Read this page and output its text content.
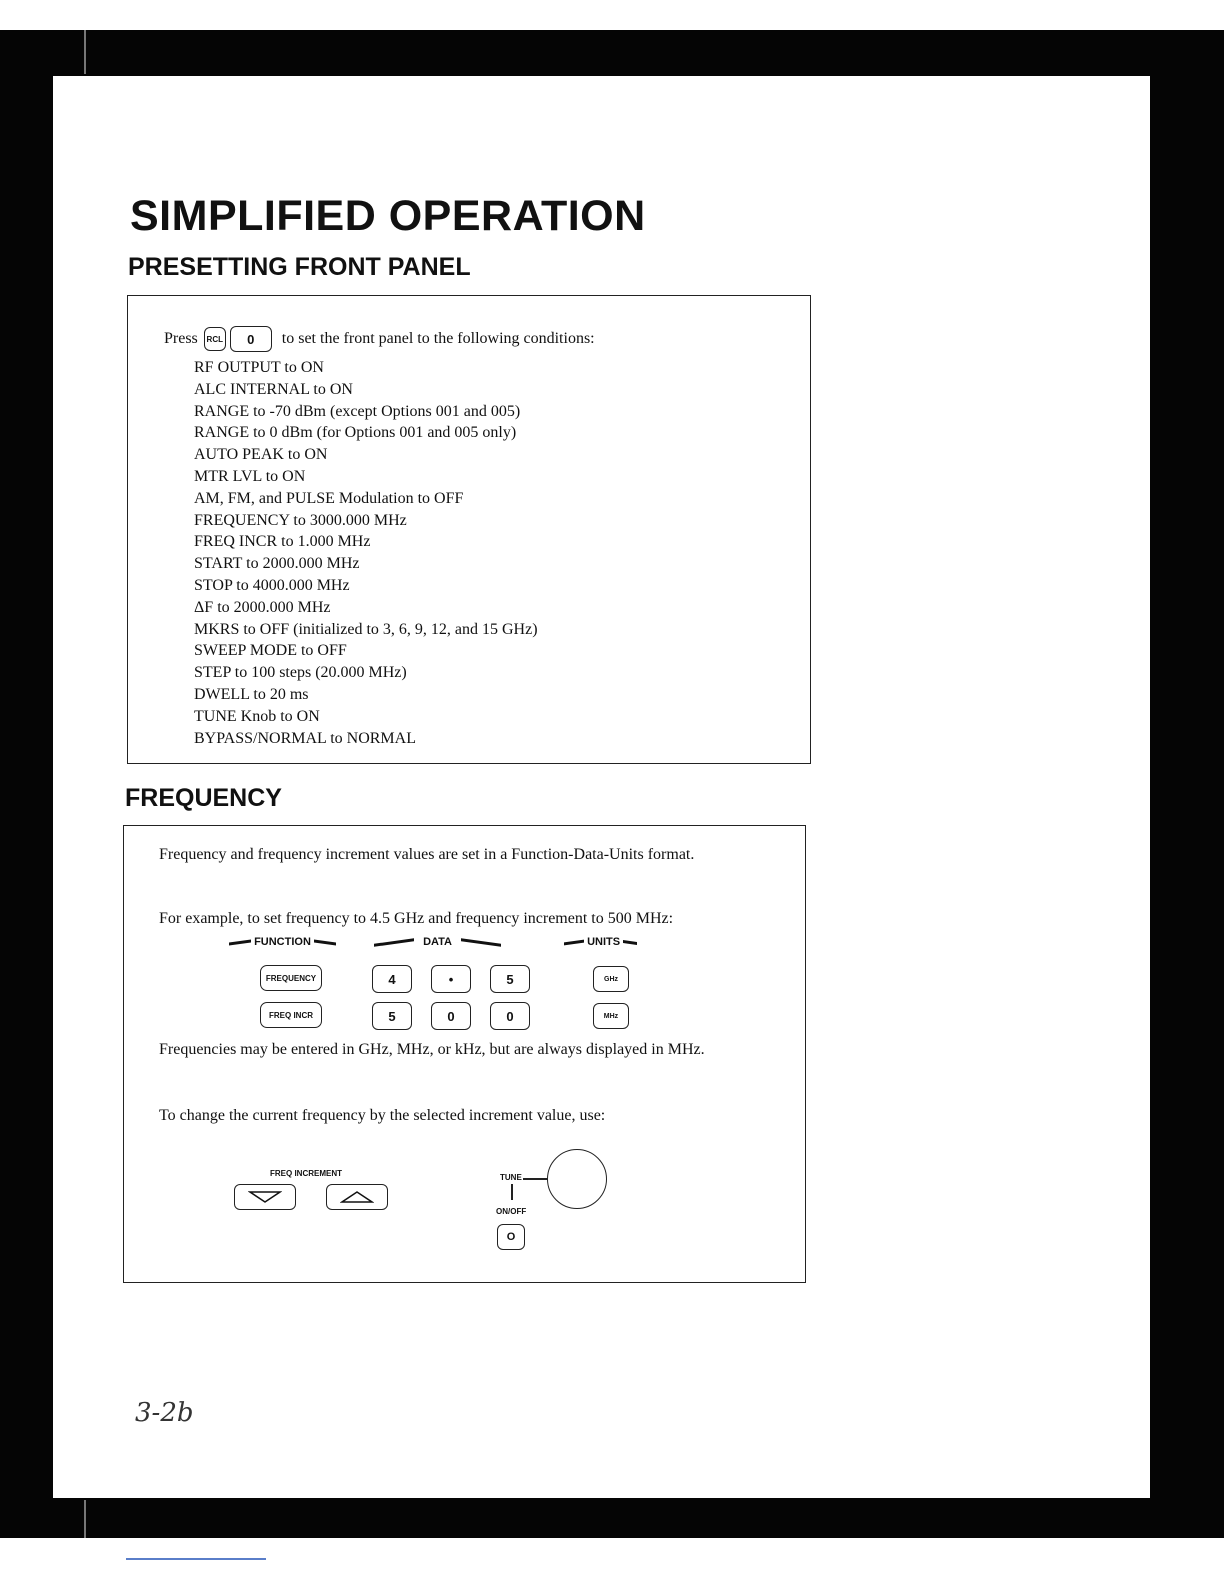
SIMPLIFIED OPERATION
PRESETTING FRONT PANEL
Press	RCL	0	to set the front panel to the following conditions:
RF OUTPUT to ON
ALC INTERNAL to ON
RANGE to -70 dBm (except Options 001 and 005)
RANGE to 0 dBm (for Options 001 and 005 only)
AUTO PEAK to ON
MTR LVL to ON
AM, FM, and PULSE Modulation to OFF
FREQUENCY to 3000.000 MHz
FREQ INCR to 1.000 MHz
START to 2000.000 MHz
STOP to 4000.000 MHz
ΔF to 2000.000 MHz
MKRS to OFF (initialized to 3, 6, 9, 12, and 15 GHz)
SWEEP MODE to OFF
STEP to 100 steps (20.000 MHz)
DWELL to 20 ms
TUNE Knob to ON
BYPASS/NORMAL to NORMAL
FREQUENCY

Frequency and frequency increment values are set in a Function-Data-Units format.

For example, to set frequency to 4.5 GHz and frequency increment to 500 MHz:

FUNCTION	DATA	UNITS
FREQUENCY	4	•	5	GHz
FREQ INCR	5	0	0	MHz

Frequencies may be entered in GHz, MHz, or kHz, but are always displayed in MHz.

To change the current frequency by the selected increment value, use:

FREQ INCREMENT	TUNE
ON/OFF
O
3-2b
